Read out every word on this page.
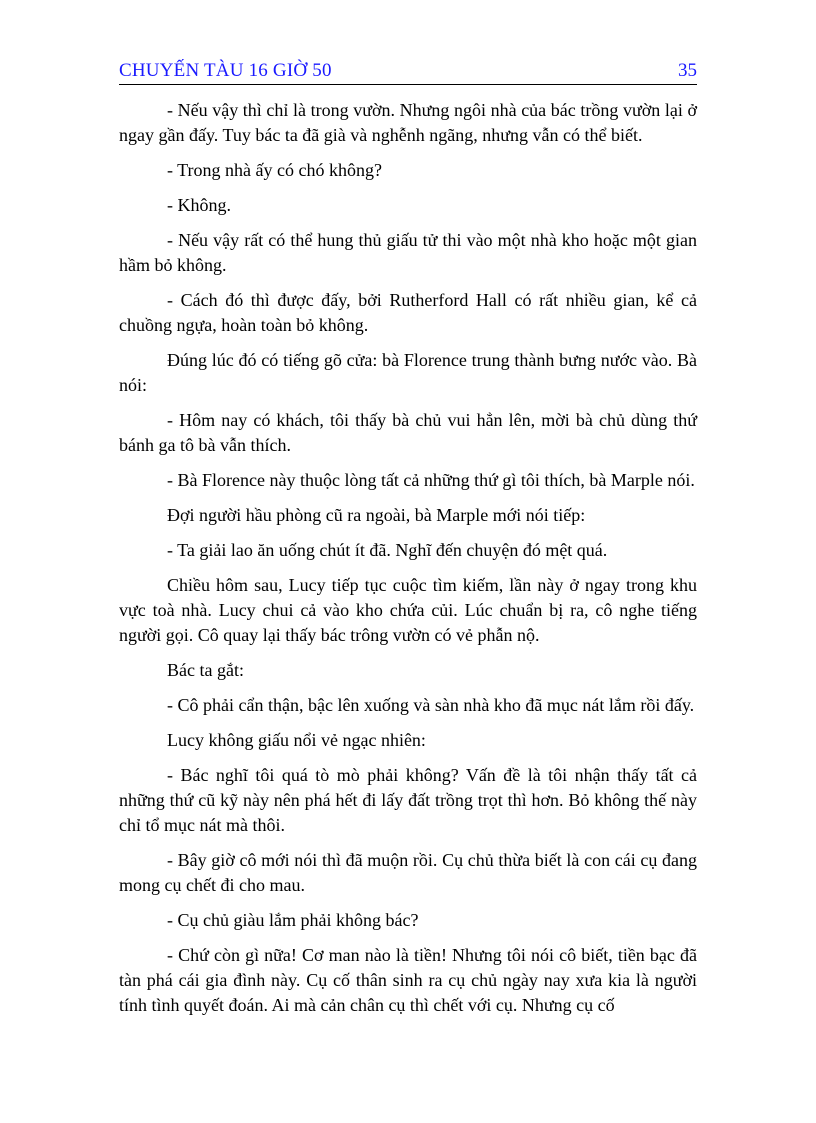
CHUYẾN TÀU 16 GIỜ 50	35

- Nếu vậy thì chỉ là trong vườn. Nhưng ngôi nhà của bác trồng vườn lại ở ngay gần đấy. Tuy bác ta đã già và nghễnh ngãng, nhưng vẫn có thể biết.

- Trong nhà ấy có chó không?

- Không.

- Nếu vậy rất có thể hung thủ giấu tử thi vào một nhà kho hoặc một gian hầm bỏ không.

- Cách đó thì được đấy, bởi Rutherford Hall có rất nhiều gian, kể cả chuồng ngựa, hoàn toàn bỏ không.

Đúng lúc đó có tiếng gõ cửa: bà Florence trung thành bưng nước vào. Bà nói:

- Hôm nay có khách, tôi thấy bà chủ vui hẳn lên, mời bà chủ dùng thứ bánh ga tô bà vẫn thích.

- Bà Florence này thuộc lòng tất cả những thứ gì tôi thích, bà Marple nói.

Đợi người hầu phòng cũ ra ngoài, bà Marple mới nói tiếp:

- Ta giải lao ăn uống chút ít đã. Nghĩ đến chuyện đó mệt quá.

Chiều hôm sau, Lucy tiếp tục cuộc tìm kiếm, lần này ở ngay trong khu vực toà nhà. Lucy chui cả vào kho chứa củi. Lúc chuẩn bị ra, cô nghe tiếng người gọi. Cô quay lại thấy bác trông vườn có vẻ phẫn nộ.

Bác ta gắt:

- Cô phải cẩn thận, bậc lên xuống và sàn nhà kho đã mục nát lắm rồi đấy.

Lucy không giấu nổi vẻ ngạc nhiên:

- Bác nghĩ tôi quá tò mò phải không? Vấn đề là tôi nhận thấy tất cả những thứ cũ kỹ này nên phá hết đi lấy đất trồng trọt thì hơn. Bỏ không thế này chỉ tổ mục nát mà thôi.

- Bây giờ cô mới nói thì đã muộn rồi. Cụ chủ thừa biết là con cái cụ đang mong cụ chết đi cho mau.

- Cụ chủ giàu lắm phải không bác?

- Chứ còn gì nữa! Cơ man nào là tiền! Nhưng tôi nói cô biết, tiền bạc đã tàn phá cái gia đình này. Cụ cố thân sinh ra cụ chủ ngày nay xưa kia là người tính tình quyết đoán. Ai mà cản chân cụ thì chết với cụ. Nhưng cụ cố
